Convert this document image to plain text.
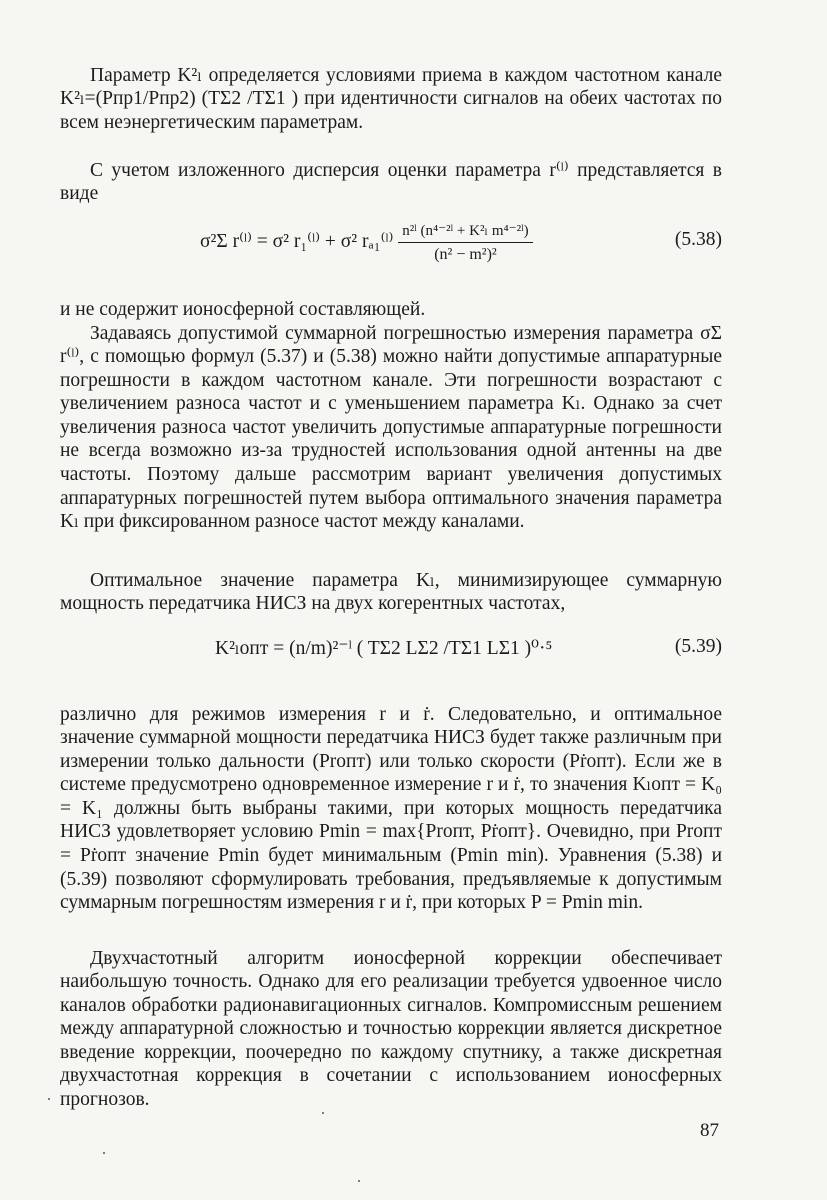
Параметр K²ₗ определяется условиями приема в каждом частотном канале K²ₗ=(Pпр1/Pпр2) (TΣ2 /TΣ1 ) при идентичности сигналов на обеих частотах по всем неэнергетическим параметрам.

С учетом изложенного дисперсия оценки параметра r⁽ˡ⁾ представляется в виде

σ²Σ r⁽ˡ⁾ = σ² r₁⁽ˡ⁾ + σ² rₐ₁⁽ˡ⁾ $\frac{\text{n²ˡ (n⁴⁻²ˡ + K²ₗ m⁴⁻²ˡ)}}{\text{(n² − m²)²}}$	(5.38)

и не содержит ионосферной составляющей.

Задаваясь допустимой суммарной погрешностью измерения параметра σΣ r⁽ˡ⁾, с помощью формул (5.37) и (5.38) можно найти допустимые аппаратурные погрешности в каждом частотном канале. Эти погрешности возрастают с увеличением разноса частот и с уменьшением параметра Kₗ. Однако за счет увеличения разноса частот увеличить допустимые аппаратурные погрешности не всегда возможно из-за трудностей использования одной антенны на две частоты. Поэтому дальше рассмотрим вариант увеличения допустимых аппаратурных погрешностей путем выбора оптимального значения параметра Kₗ при фиксированном разносе частот между каналами.

Оптимальное значение параметра Kₗ, минимизирующее суммарную мощность передатчика НИСЗ на двух когерентных частотах,

K²ₗопт = (n/m)²⁻ˡ ( TΣ2 LΣ2 /TΣ1 LΣ1 )⁰·⁵	(5.39)

различно для режимов измерения r и ṙ. Следовательно, и оптимальное значение суммарной мощности передатчика НИСЗ будет также различным при измерении только дальности (Prопт) или только скорости (Pṙопт). Если же в системе предусмотрено одновременное измерение r и ṙ, то значения Kₗопт = K₀ = K₁ должны быть выбраны такими, при которых мощность передатчика НИСЗ удовлетворяет условию Pmin = max{Prопт, Pṙопт}. Очевидно, при Prопт = Pṙопт значение Pmin будет минимальным (Pmin min). Уравнения (5.38) и (5.39) позволяют сформулировать требования, предъявляемые к допустимым суммарным погрешностям измерения r и ṙ, при которых P = Pmin min.

Двухчастотный алгоритм ионосферной коррекции обеспечивает наибольшую точность. Однако для его реализации требуется удвоенное число каналов обработки радионавигационных сигналов. Компромиссным решением между аппаратурной сложностью и точностью коррекции является дискретное введение коррекции, поочередно по каждому спутнику, а также дискретная двухчастотная коррекция в сочетании с использованием ионосферных прогнозов.

87
